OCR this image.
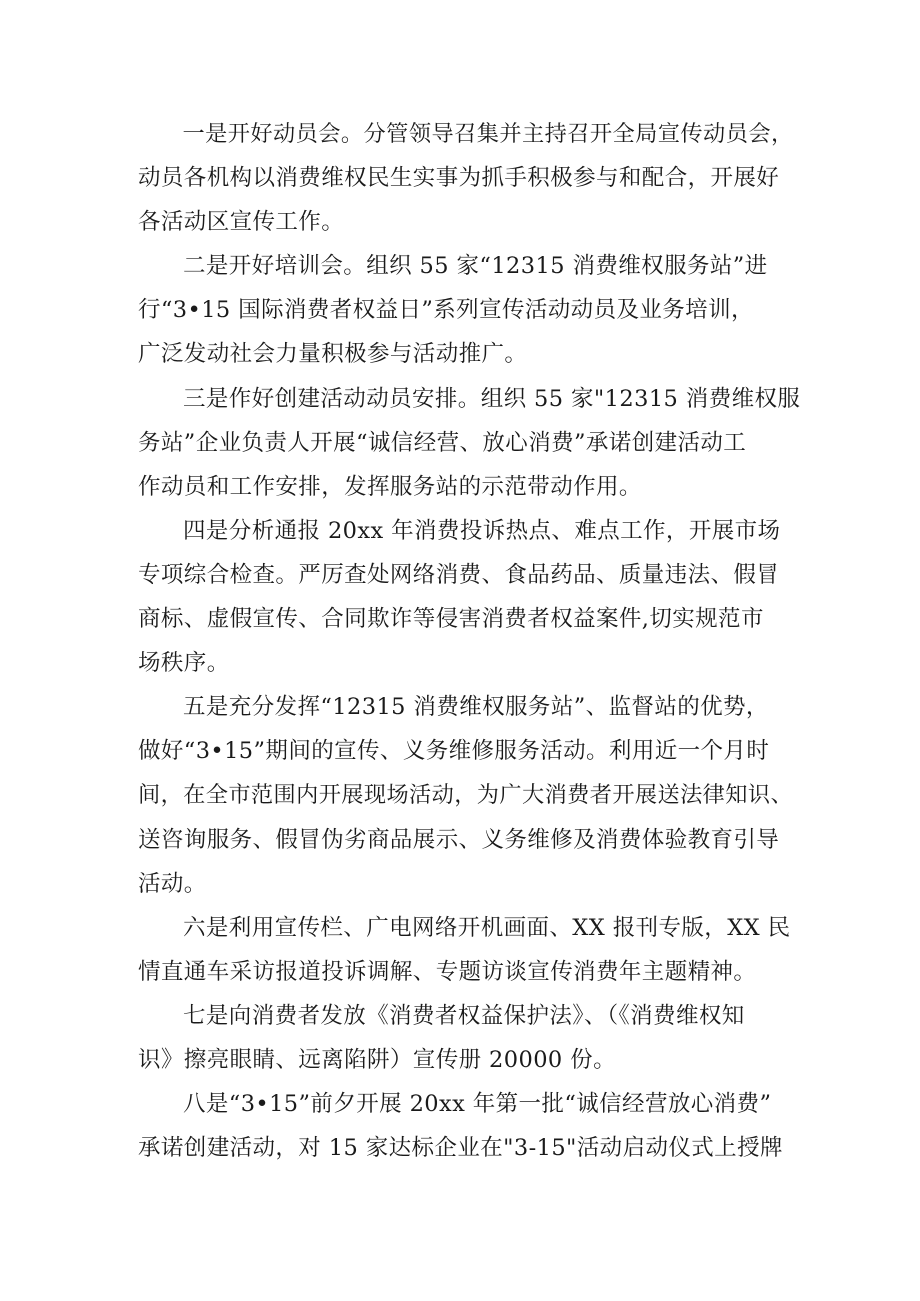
一是开好动员会。分管领导召集并主持召开全局宣传动员会，
动员各机构以消费维权民生实事为抓手积极参与和配合，开展好
各活动区宣传工作。

二是开好培训会。组织 55 家“12315 消费维权服务站”进
行“3•15 国际消费者权益日”系列宣传活动动员及业务培训，
广泛发动社会力量积极参与活动推广。

三是作好创建活动动员安排。组织 55 家"12315 消费维权服
务站”企业负责人开展“诚信经营、放心消费”承诺创建活动工
作动员和工作安排，发挥服务站的示范带动作用。

四是分析通报 20xx 年消费投诉热点、难点工作，开展市场
专项综合检查。严厉查处网络消费、食品药品、质量违法、假冒
商标、虚假宣传、合同欺诈等侵害消费者权益案件,切实规范市
场秩序。

五是充分发挥“12315 消费维权服务站”、监督站的优势，
做好“3•15”期间的宣传、义务维修服务活动。利用近一个月时
间，在全市范围内开展现场活动，为广大消费者开展送法律知识、
送咨询服务、假冒伪劣商品展示、义务维修及消费体验教育引导
活动。

六是利用宣传栏、广电网络开机画面、XX 报刊专版，XX 民
情直通车采访报道投诉调解、专题访谈宣传消费年主题精神。

七是向消费者发放《消费者权益保护法》、（《消费维权知
识》擦亮眼睛、远离陷阱）宣传册 20000 份。

八是“3•15”前夕开展 20xx 年第一批“诚信经营放心消费”
承诺创建活动，对 15 家达标企业在"3-15"活动启动仪式上授牌
